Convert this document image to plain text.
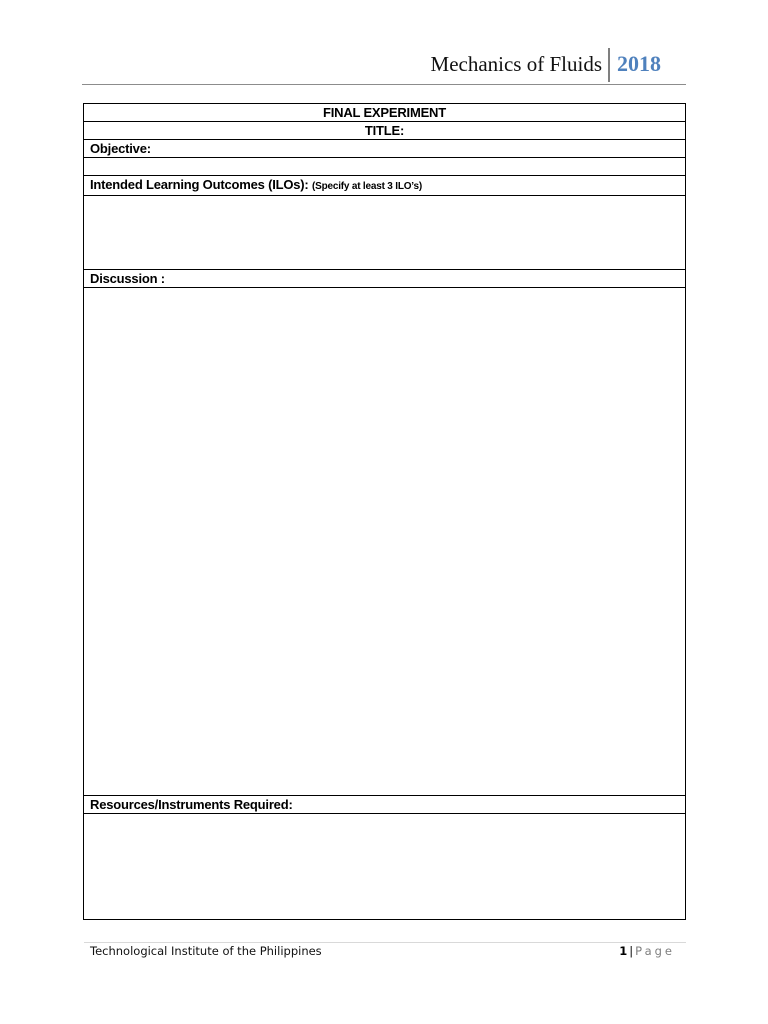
Mechanics of Fluids 2018
FINAL EXPERIMENT
TITLE:
Objective:

Intended Learning Outcomes (ILOs): (Specify at least 3 ILO’s)

Discussion :

Resources/Instruments Required:

Technological Institute of the Philippines	1 | Page
